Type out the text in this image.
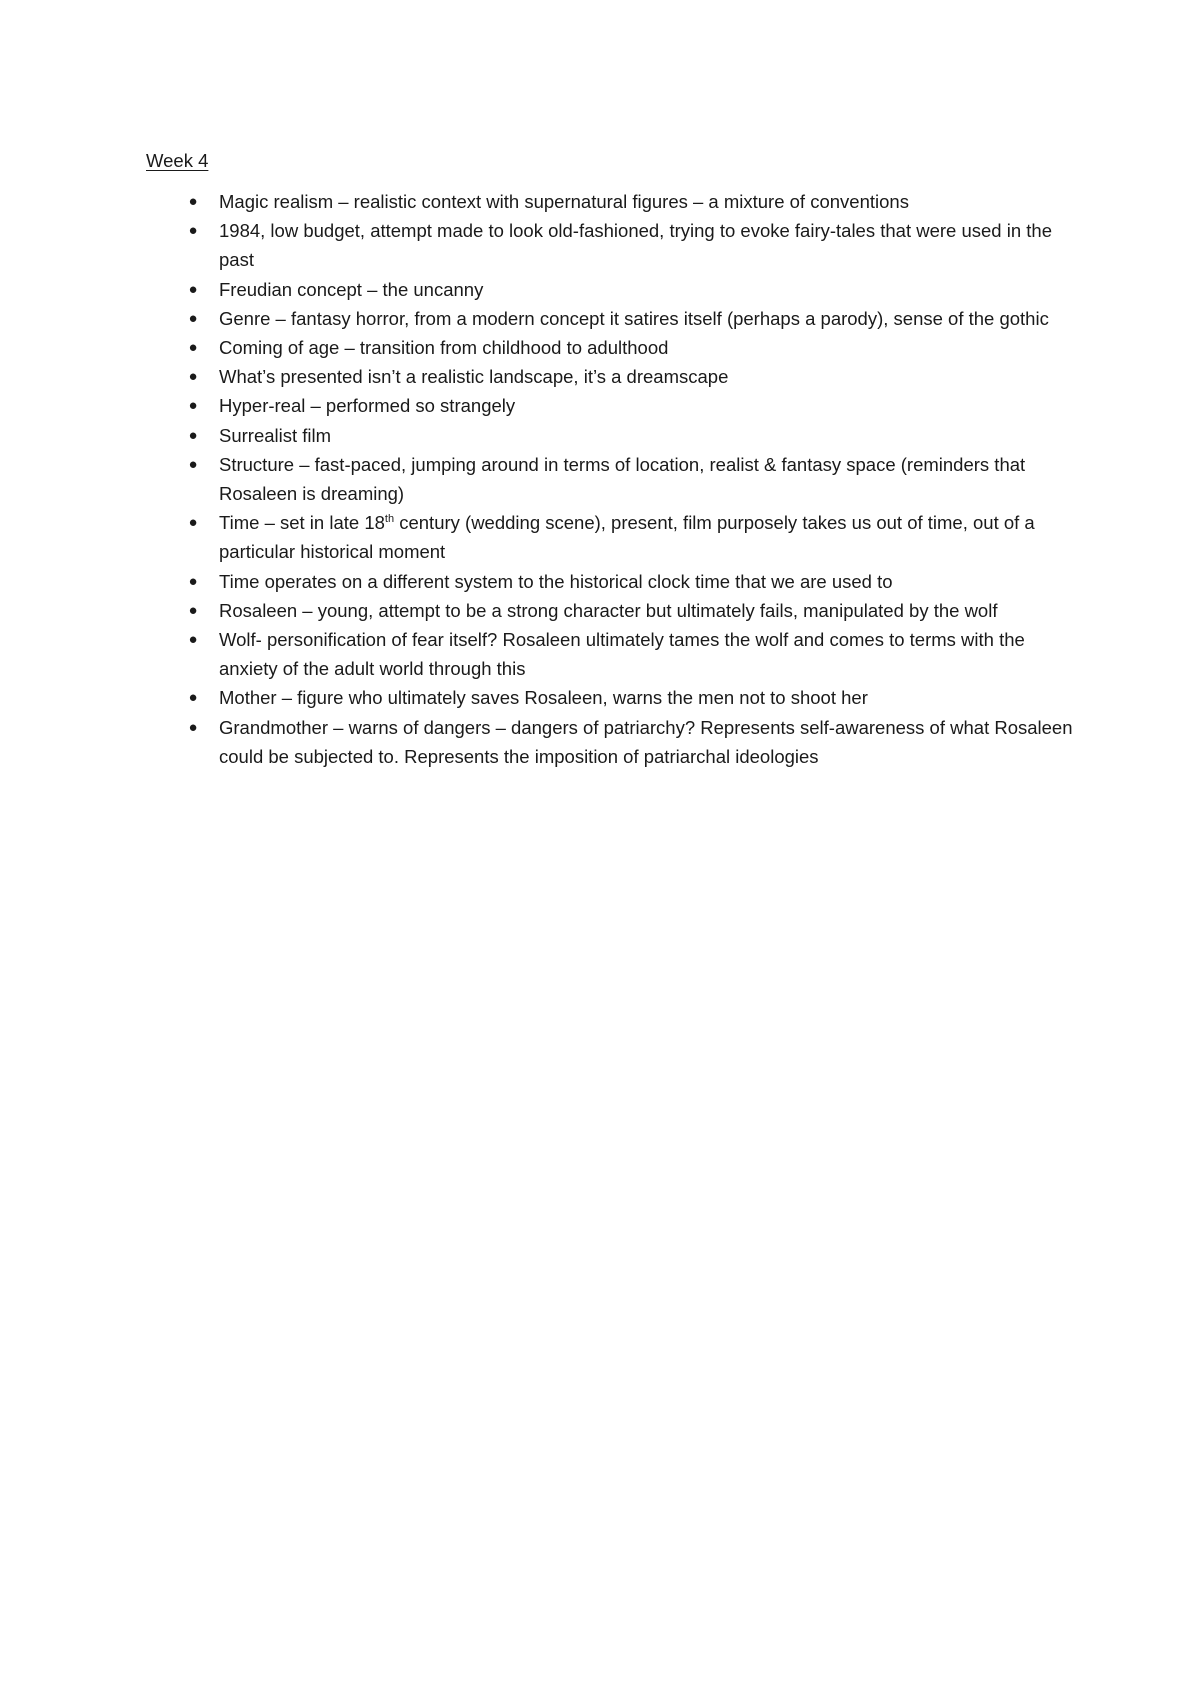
Week 4
● Magic realism – realistic context with supernatural figures – a mixture of conventions
● 1984, low budget, attempt made to look old-fashioned, trying to evoke fairy-tales that were used in the past
● Freudian concept – the uncanny
● Genre – fantasy horror, from a modern concept it satires itself (perhaps a parody), sense of the gothic
● Coming of age – transition from childhood to adulthood
● What’s presented isn’t a realistic landscape, it’s a dreamscape
● Hyper-real – performed so strangely
● Surrealist film
● Structure – fast-paced, jumping around in terms of location, realist & fantasy space (reminders that Rosaleen is dreaming)
● Time – set in late 18th century (wedding scene), present, film purposely takes us out of time, out of a particular historical moment
● Time operates on a different system to the historical clock time that we are used to
● Rosaleen – young, attempt to be a strong character but ultimately fails, manipulated by the wolf
● Wolf- personification of fear itself? Rosaleen ultimately tames the wolf and comes to terms with the anxiety of the adult world through this
● Mother – figure who ultimately saves Rosaleen, warns the men not to shoot her
● Grandmother – warns of dangers – dangers of patriarchy? Represents self-awareness of what Rosaleen could be subjected to. Represents the imposition of patriarchal ideologies
